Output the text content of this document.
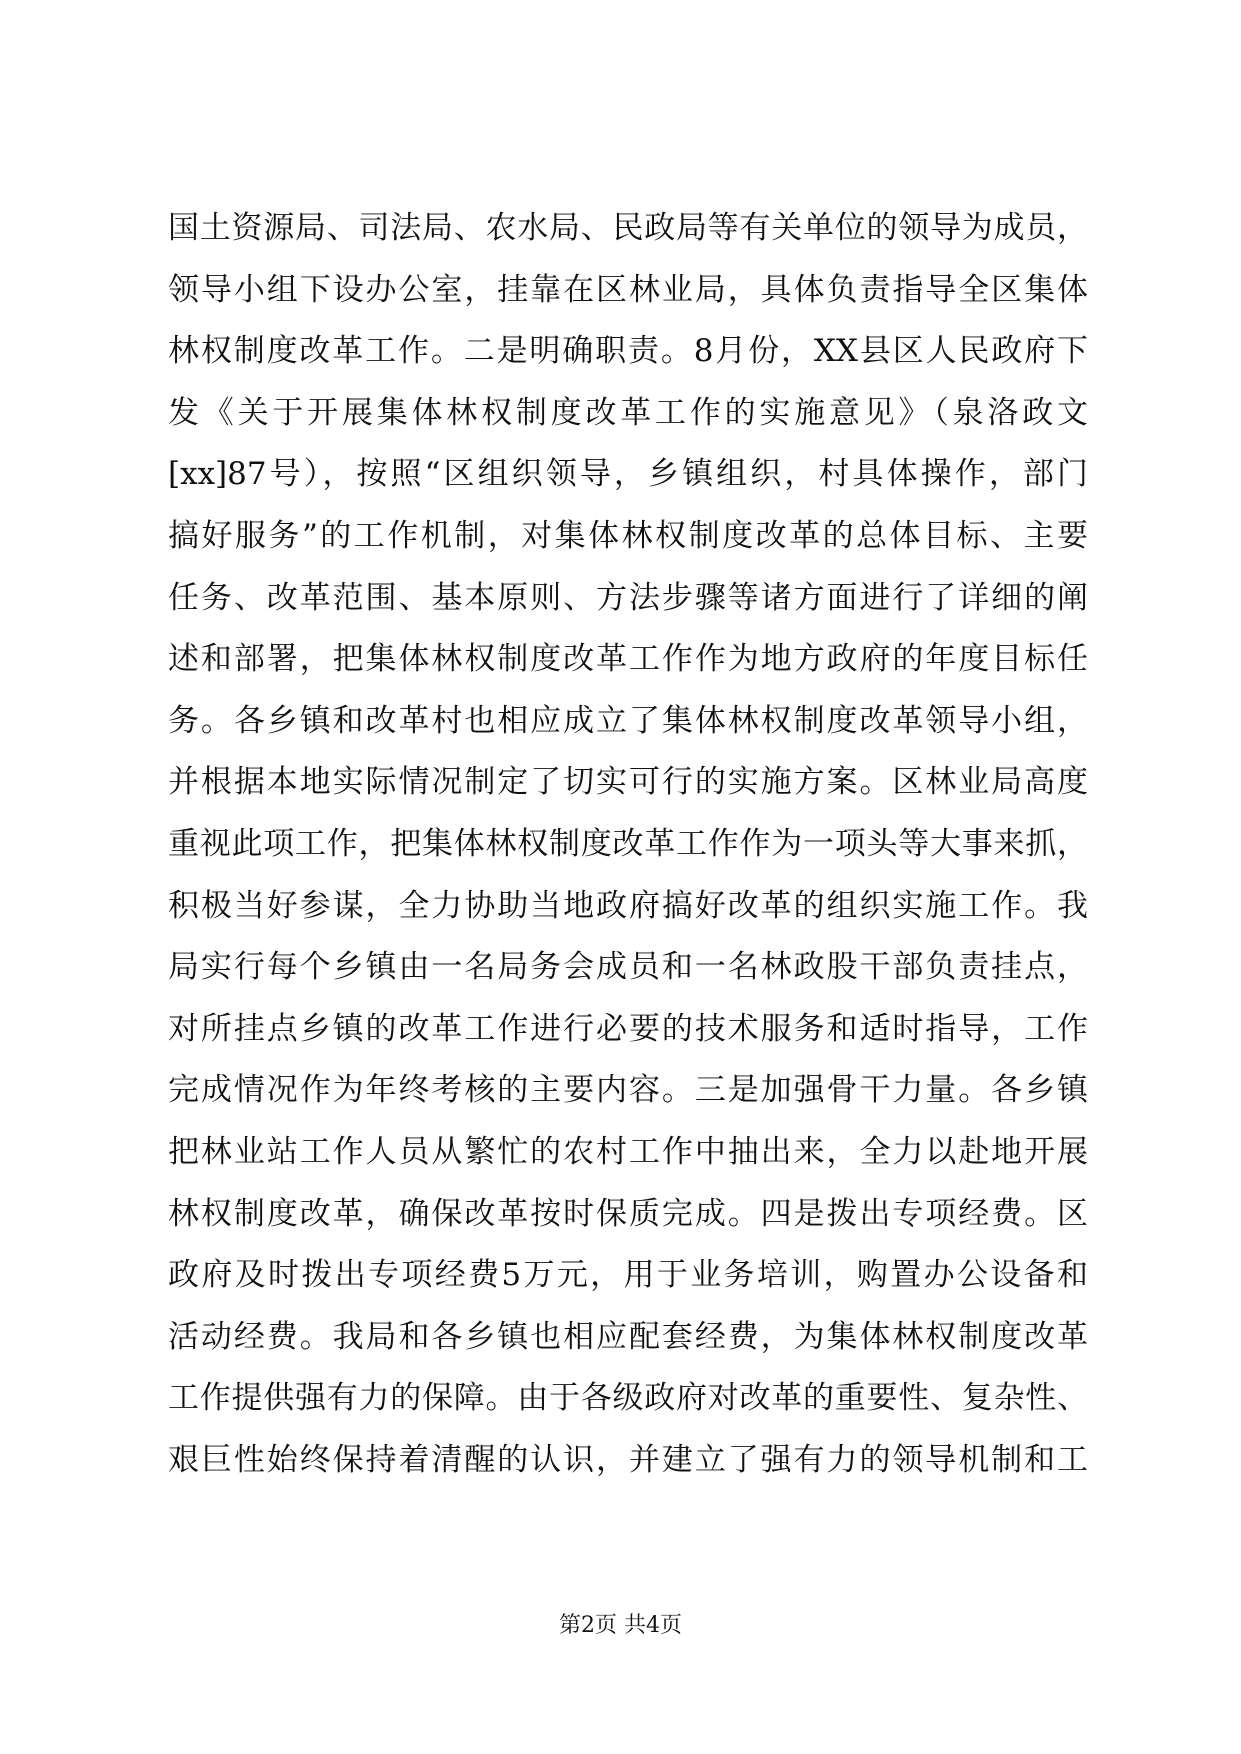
国土资源局、司法局、农水局、民政局等有关单位的领导为成员，
领导小组下设办公室，挂靠在区林业局，具体负责指导全区集体
林权制度改革工作。二是明确职责。8月份，XX县区人民政府下
发《关于开展集体林权制度改革工作的实施意见》（泉洛政文
[xx]87号），按照“区组织领导，乡镇组织，村具体操作，部门
搞好服务”的工作机制，对集体林权制度改革的总体目标、主要
任务、改革范围、基本原则、方法步骤等诸方面进行了详细的阐
述和部署，把集体林权制度改革工作作为地方政府的年度目标任
务。各乡镇和改革村也相应成立了集体林权制度改革领导小组，
并根据本地实际情况制定了切实可行的实施方案。区林业局高度
重视此项工作，把集体林权制度改革工作作为一项头等大事来抓，
积极当好参谋，全力协助当地政府搞好改革的组织实施工作。我
局实行每个乡镇由一名局务会成员和一名林政股干部负责挂点，
对所挂点乡镇的改革工作进行必要的技术服务和适时指导，工作
完成情况作为年终考核的主要内容。三是加强骨干力量。各乡镇
把林业站工作人员从繁忙的农村工作中抽出来，全力以赴地开展
林权制度改革，确保改革按时保质完成。四是拨出专项经费。区
政府及时拨出专项经费5万元，用于业务培训，购置办公设备和
活动经费。我局和各乡镇也相应配套经费，为集体林权制度改革
工作提供强有力的保障。由于各级政府对改革的重要性、复杂性、
艰巨性始终保持着清醒的认识，并建立了强有力的领导机制和工
第2页 共4页
